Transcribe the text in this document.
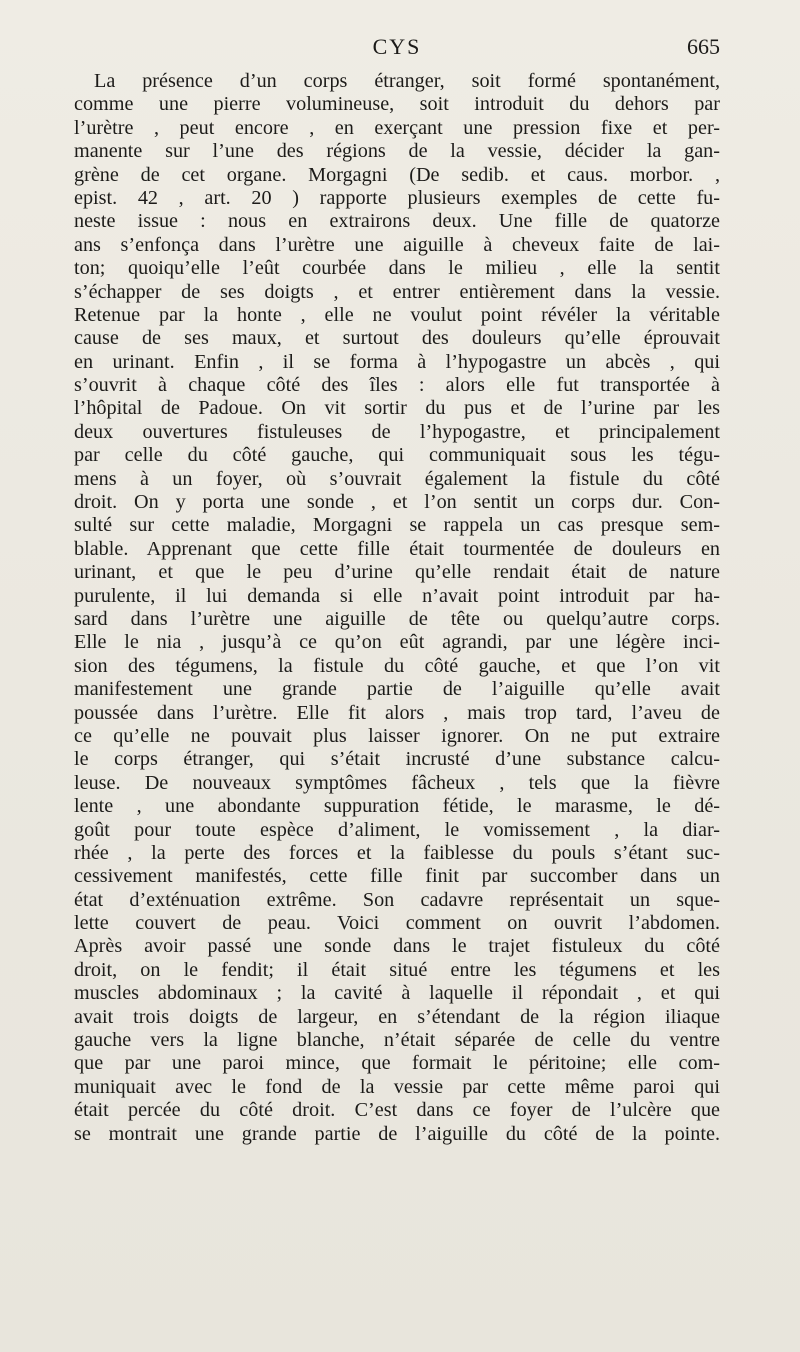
CYS	665
La présence d’un corps étranger, soit formé spontanément,
comme une pierre volumineuse, soit introduit du dehors par
l’urètre , peut encore , en exerçant une pression fixe et per-
manente sur l’une des régions de la vessie, décider la gan-
grène de cet organe. Morgagni (De sedib. et caus. morbor. ,
epist. 42 , art. 20 ) rapporte plusieurs exemples de cette fu-
neste issue : nous en extrairons deux. Une fille de quatorze
ans s’enfonça dans l’urètre une aiguille à cheveux faite de lai-
ton; quoiqu’elle l’eût courbée dans le milieu , elle la sentit
s’échapper de ses doigts , et entrer entièrement dans la vessie.
Retenue par la honte , elle ne voulut point révéler la véritable
cause de ses maux, et surtout des douleurs qu’elle éprouvait
en urinant. Enfin , il se forma à l’hypogastre un abcès , qui
s’ouvrit à chaque côté des îles : alors elle fut transportée à
l’hôpital de Padoue. On vit sortir du pus et de l’urine par les
deux ouvertures fistuleuses de l’hypogastre, et principalement
par celle du côté gauche, qui communiquait sous les tégu-
mens à un foyer, où s’ouvrait également la fistule du côté
droit. On y porta une sonde , et l’on sentit un corps dur. Con-
sulté sur cette maladie, Morgagni se rappela un cas presque sem-
blable. Apprenant que cette fille était tourmentée de douleurs en
urinant, et que le peu d’urine qu’elle rendait était de nature
purulente, il lui demanda si elle n’avait point introduit par ha-
sard dans l’urètre une aiguille de tête ou quelqu’autre corps.
Elle le nia , jusqu’à ce qu’on eût agrandi, par une légère inci-
sion des tégumens, la fistule du côté gauche, et que l’on vit
manifestement une grande partie de l’aiguille qu’elle avait
poussée dans l’urètre. Elle fit alors , mais trop tard, l’aveu de
ce qu’elle ne pouvait plus laisser ignorer. On ne put extraire
le corps étranger, qui s’était incrusté d’une substance calcu-
leuse. De nouveaux symptômes fâcheux , tels que la fièvre
lente , une abondante suppuration fétide, le marasme, le dé-
goût pour toute espèce d’aliment, le vomissement , la diar-
rhée , la perte des forces et la faiblesse du pouls s’étant suc-
cessivement manifestés, cette fille finit par succomber dans un
état d’exténuation extrême. Son cadavre représentait un sque-
lette couvert de peau. Voici comment on ouvrit l’abdomen.
Après avoir passé une sonde dans le trajet fistuleux du côté
droit, on le fendit; il était situé entre les tégumens et les
muscles abdominaux ; la cavité à laquelle il répondait , et qui
avait trois doigts de largeur, en s’étendant de la région iliaque
gauche vers la ligne blanche, n’était séparée de celle du ventre
que par une paroi mince, que formait le péritoine; elle com-
muniquait avec le fond de la vessie par cette même paroi qui
était percée du côté droit. C’est dans ce foyer de l’ulcère que
se montrait une grande partie de l’aiguille du côté de la pointe.
